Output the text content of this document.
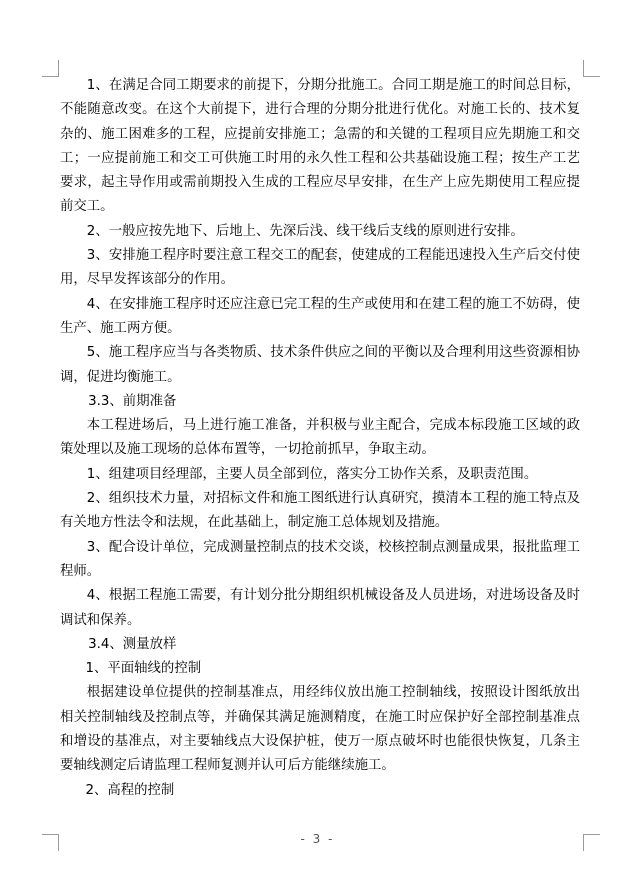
1、在满足合同工期要求的前提下，分期分批施工。合同工期是施工的时间总目标，不能随意改变。在这个大前提下，进行合理的分期分批进行优化。对施工长的、技术复杂的、施工困难多的工程，应提前安排施工；急需的和关键的工程项目应先期施工和交工；一应提前施工和交工可供施工时用的永久性工程和公共基础设施工程；按生产工艺要求，起主导作用或需前期投入生成的工程应尽早安排，在生产上应先期使用工程应提前交工。

2、一般应按先地下、后地上、先深后浅、线干线后支线的原则进行安排。

3、安排施工程序时要注意工程交工的配套，使建成的工程能迅速投入生产后交付使用，尽早发挥该部分的作用。

4、在安排施工程序时还应注意已完工程的生产或使用和在建工程的施工不妨碍，使生产、施工两方便。

5、施工程序应当与各类物质、技术条件供应之间的平衡以及合理利用这些资源相协调，促进均衡施工。

3.3、前期准备

本工程进场后，马上进行施工准备，并积极与业主配合，完成本标段施工区域的政策处理以及施工现场的总体布置等，一切抢前抓早，争取主动。

1、组建项目经理部，主要人员全部到位，落实分工协作关系，及职责范围。

2、组织技术力量，对招标文件和施工图纸进行认真研究，摸清本工程的施工特点及有关地方性法令和法规，在此基础上，制定施工总体规划及措施。

3、配合设计单位，完成测量控制点的技术交谈，校核控制点测量成果，报批监理工程师。

4、根据工程施工需要，有计划分批分期组织机械设备及人员进场，对进场设备及时调试和保养。

3.4、测量放样

1、平面轴线的控制

根据建设单位提供的控制基准点，用经纬仪放出施工控制轴线，按照设计图纸放出相关控制轴线及控制点等，并确保其满足施测精度，在施工时应保护好全部控制基准点和增设的基准点，对主要轴线点大设保护桩，使万一原点破坏时也能很快恢复，几条主要轴线测定后请监理工程师复测并认可后方能继续施工。

2、高程的控制

- 3 -
